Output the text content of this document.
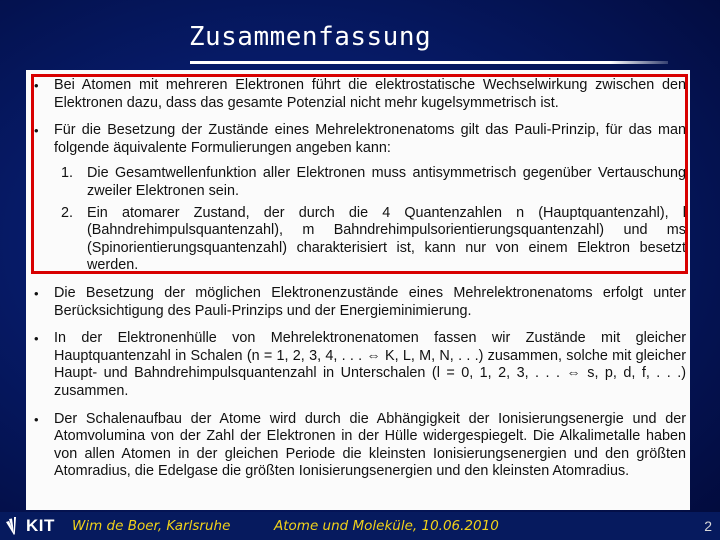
Zusammenfassung
• Bei Atomen mit mehreren Elektronen führt die elektrostatische Wechselwirkung zwischen den Elektronen dazu, dass das gesamte Potenzial nicht mehr kugelsymmetrisch ist.
• Für die Besetzung der Zustände eines Mehrelektronenatoms gilt das Pauli-Prinzip, für das man folgende äquivalente Formulierungen angeben kann:
1. Die Gesamtwellenfunktion aller Elektronen muss antisymmetrisch gegenüber Vertauschung zweiler Elektronen sein.
2. Ein atomarer Zustand, der durch die 4 Quantenzahlen n (Hauptquantenzahl), l (Bahndrehimpulsquantenzahl), m Bahndrehimpulsorientierungsquantenzahl) und ms (Spinorientierungsquantenzahl) charakterisiert ist, kann nur von einem Elektron besetzt werden.
• Die Besetzung der möglichen Elektronenzustände eines Mehrelektronenatoms erfolgt unter Berücksichtigung des Pauli-Prinzips und der Energieminimierung.
• In der Elektronenhülle von Mehrelektronenatomen fassen wir Zustände mit gleicher Hauptquantenzahl in Schalen (n = 1, 2, 3, 4, . . . ⇔ K, L, M, N, . . .) zusammen, solche mit gleicher Haupt- und Bahndrehimpulsquantenzahl in Unterschalen (l = 0, 1, 2, 3, . . . ⇔ s, p, d, f, . . .) zusammen.
• Der Schalenaufbau der Atome wird durch die Abhängigkeit der Ionisierungsenergie und der Atomvolumina von der Zahl der Elektronen in der Hülle widergespiegelt. Die Alkalimetalle haben von allen Atomen in der gleichen Periode die kleinsten Ionisierungsenergien und den größten Atomradius, die Edelgase die größten Ionisierungsenergien und den kleinsten Atomradius.
KIT Wim de Boer, Karlsruhe	Atome und Moleküle, 10.06.2010	2
